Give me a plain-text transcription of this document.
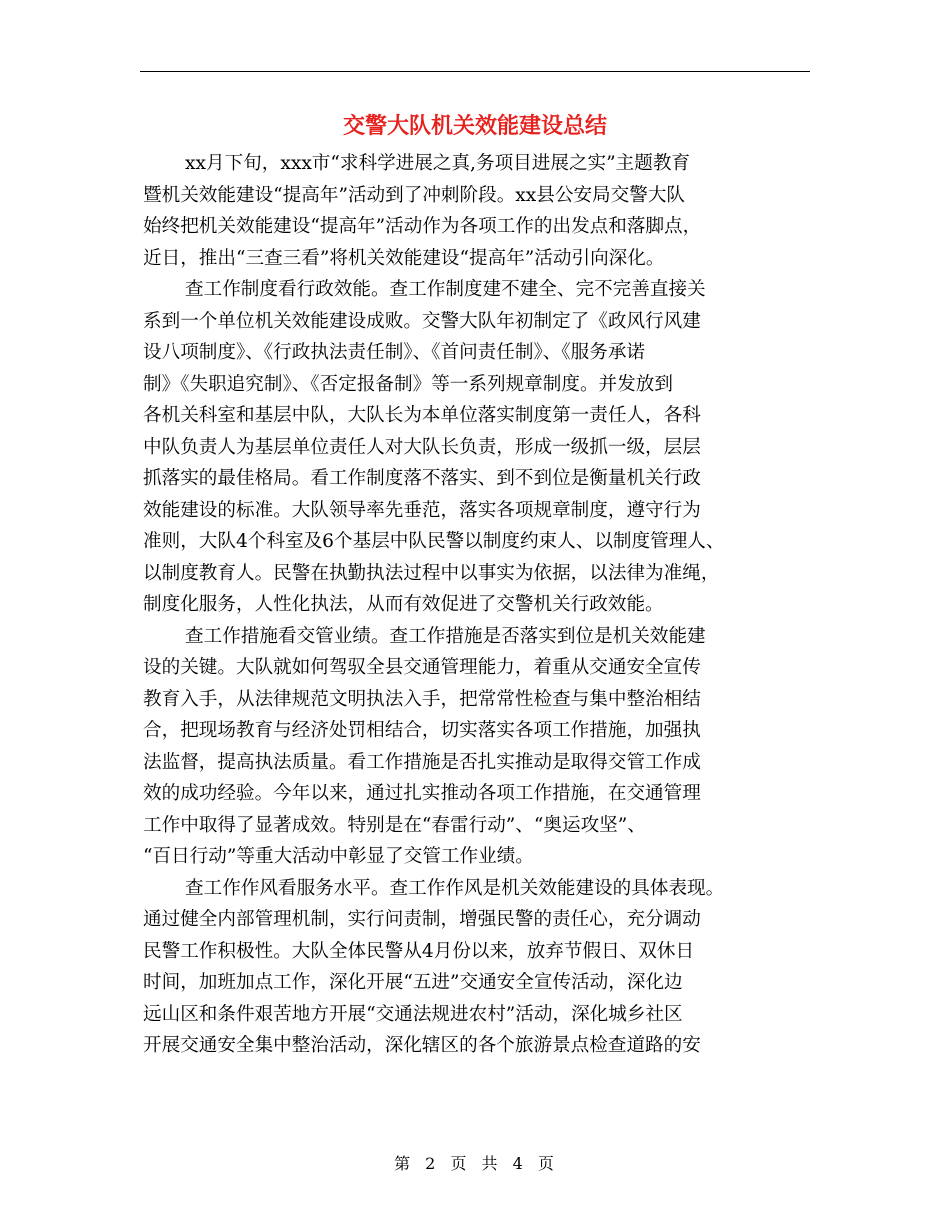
交警大队机关效能建设总结
xx月下旬，xxx市“求科学进展之真,务项目进展之实”主题教育
暨机关效能建设“提高年”活动到了冲刺阶段。xx县公安局交警大队
始终把机关效能建设“提高年”活动作为各项工作的出发点和落脚点，
近日，推出“三查三看”将机关效能建设“提高年”活动引向深化。
查工作制度看行政效能。查工作制度建不建全、完不完善直接关
系到一个单位机关效能建设成败。交警大队年初制定了《政风行风建
设八项制度》、《行政执法责任制》、《首问责任制》、《服务承诺
制》《失职追究制》、《否定报备制》等一系列规章制度。并发放到
各机关科室和基层中队，大队长为本单位落实制度第一责任人，各科
中队负责人为基层单位责任人对大队长负责，形成一级抓一级，层层
抓落实的最佳格局。看工作制度落不落实、到不到位是衡量机关行政
效能建设的标准。大队领导率先垂范，落实各项规章制度，遵守行为
准则，大队4个科室及6个基层中队民警以制度约束人、以制度管理人、
以制度教育人。民警在执勤执法过程中以事实为依据，以法律为准绳，
制度化服务，人性化执法，从而有效促进了交警机关行政效能。
查工作措施看交管业绩。查工作措施是否落实到位是机关效能建
设的关键。大队就如何驾驭全县交通管理能力，着重从交通安全宣传
教育入手，从法律规范文明执法入手，把常常性检查与集中整治相结
合，把现场教育与经济处罚相结合，切实落实各项工作措施，加强执
法监督，提高执法质量。看工作措施是否扎实推动是取得交管工作成
效的成功经验。今年以来，通过扎实推动各项工作措施，在交通管理
工作中取得了显著成效。特别是在“春雷行动”、“奥运攻坚”、
“百日行动”等重大活动中彰显了交管工作业绩。
查工作作风看服务水平。查工作作风是机关效能建设的具体表现。
通过健全内部管理机制，实行问责制，增强民警的责任心，充分调动
民警工作积极性。大队全体民警从4月份以来，放弃节假日、双休日
时间，加班加点工作，深化开展“五进”交通安全宣传活动，深化边
远山区和条件艰苦地方开展“交通法规进农村”活动，深化城乡社区
开展交通安全集中整治活动，深化辖区的各个旅游景点检查道路的安
第 2 页 共 4 页
